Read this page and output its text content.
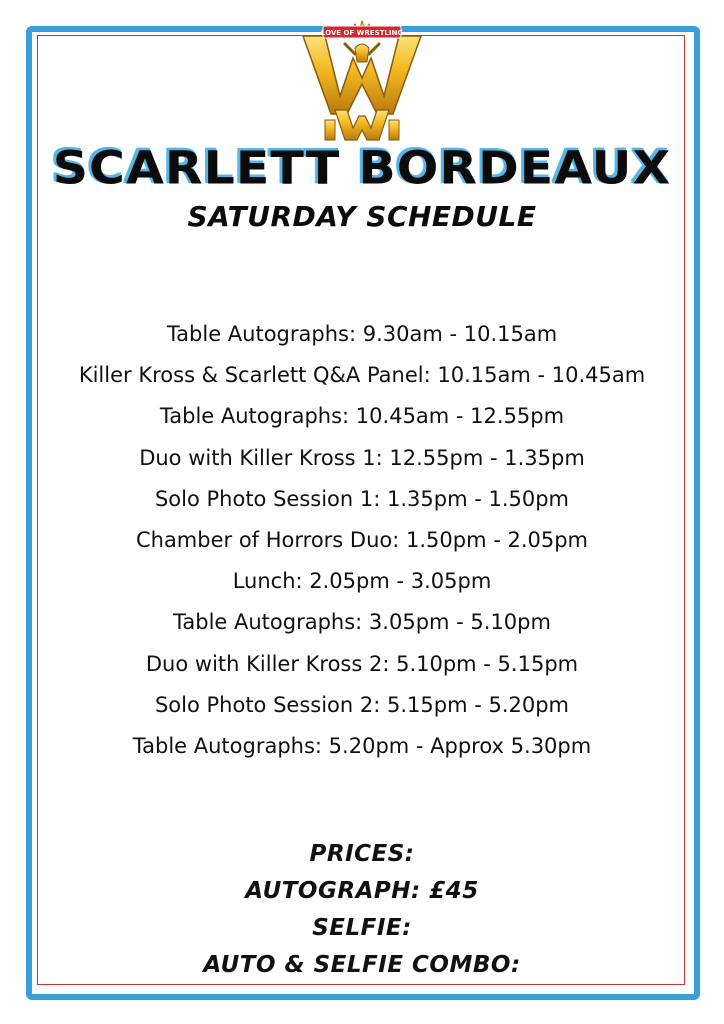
LOVE OF WRESTLING
SCARLETT BORDEAUX
SATURDAY SCHEDULE
Table Autographs: 9.30am - 10.15am
Killer Kross & Scarlett Q&A Panel: 10.15am - 10.45am
Table Autographs: 10.45am - 12.55pm
Duo with Killer Kross 1: 12.55pm - 1.35pm
Solo Photo Session 1: 1.35pm - 1.50pm
Chamber of Horrors Duo: 1.50pm - 2.05pm
Lunch: 2.05pm - 3.05pm
Table Autographs: 3.05pm - 5.10pm
Duo with Killer Kross 2: 5.10pm - 5.15pm
Solo Photo Session 2: 5.15pm - 5.20pm
Table Autographs: 5.20pm - Approx 5.30pm
PRICES:
AUTOGRAPH: £45
SELFIE:
AUTO & SELFIE COMBO:
